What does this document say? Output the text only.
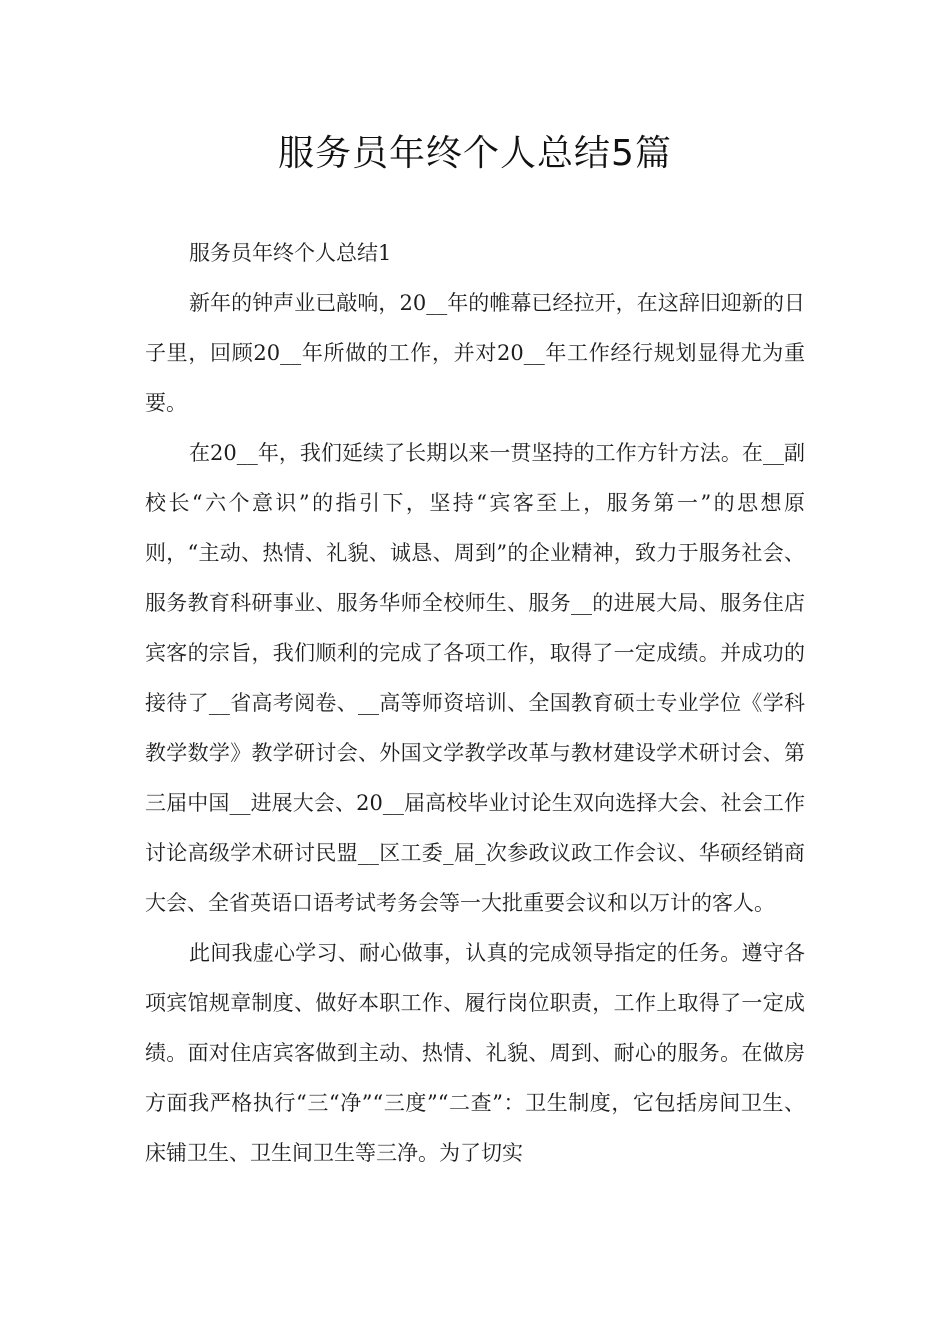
服务员年终个人总结5篇

服务员年终个人总结1

新年的钟声业已敲响，20__年的帷幕已经拉开，在这辞旧迎新的日子里，回顾20__年所做的工作，并对20__年工作经行规划显得尤为重要。

在20__年，我们延续了长期以来一贯坚持的工作方针方法。在__副校长“六个意识”的指引下，坚持“宾客至上，服务第一”的思想原则，“主动、热情、礼貌、诚恳、周到”的企业精神，致力于服务社会、服务教育科研事业、服务华师全校师生、服务__的进展大局、服务住店宾客的宗旨，我们顺利的完成了各项工作，取得了一定成绩。并成功的接待了__省高考阅卷、__高等师资培训、全国教育硕士专业学位《学科教学数学》教学研讨会、外国文学教学改革与教材建设学术研讨会、第三届中国__进展大会、20__届高校毕业讨论生双向选择大会、社会工作讨论高级学术研讨民盟__区工委_届_次参政议政工作会议、华硕经销商大会、全省英语口语考试考务会等一大批重要会议和以万计的客人。

此间我虚心学习、耐心做事，认真的完成领导指定的任务。遵守各项宾馆规章制度、做好本职工作、履行岗位职责，工作上取得了一定成绩。面对住店宾客做到主动、热情、礼貌、周到、耐心的服务。在做房方面我严格执行“三“净”“三度”“二查”：卫生制度，它包括房间卫生、床铺卫生、卫生间卫生等三净。为了切实
